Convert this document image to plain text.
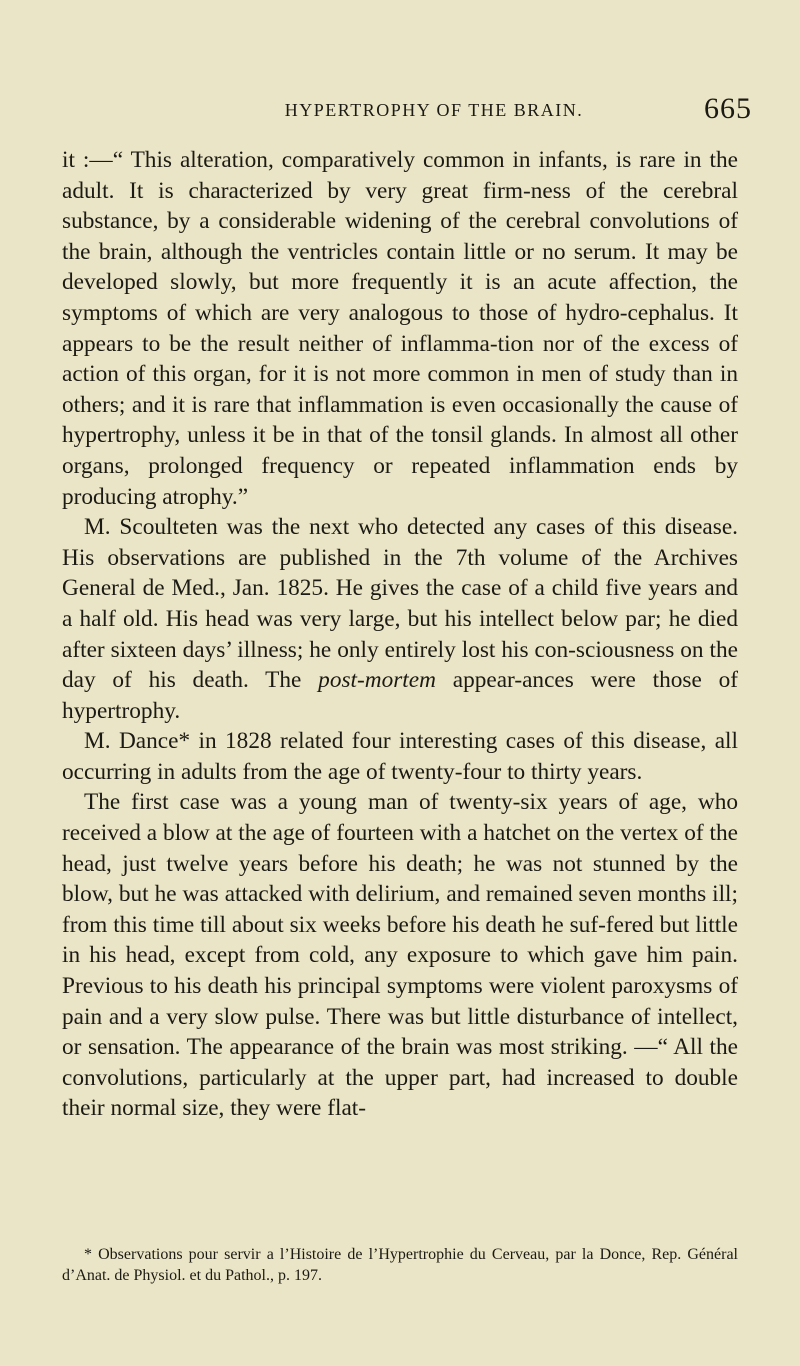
HYPERTROPHY OF THE BRAIN.	665

it :—“ This alteration, comparatively common in infants, is rare in the adult. It is characterized by very great firm-ness of the cerebral substance, by a considerable widening of the cerebral convolutions of the brain, although the ventricles contain little or no serum. It may be developed slowly, but more frequently it is an acute affection, the symptoms of which are very analogous to those of hydro-cephalus. It appears to be the result neither of inflamma-tion nor of the excess of action of this organ, for it is not more common in men of study than in others; and it is rare that inflammation is even occasionally the cause of hypertrophy, unless it be in that of the tonsil glands. In almost all other organs, prolonged frequency or repeated inflammation ends by producing atrophy.”

M. Scoulteten was the next who detected any cases of this disease. His observations are published in the 7th volume of the Archives General de Med., Jan. 1825. He gives the case of a child five years and a half old. His head was very large, but his intellect below par; he died after sixteen days’ illness; he only entirely lost his con-sciousness on the day of his death. The post-mortem appear-ances were those of hypertrophy.

M. Dance* in 1828 related four interesting cases of this disease, all occurring in adults from the age of twenty-four to thirty years.

The first case was a young man of twenty-six years of age, who received a blow at the age of fourteen with a hatchet on the vertex of the head, just twelve years before his death; he was not stunned by the blow, but he was attacked with delirium, and remained seven months ill; from this time till about six weeks before his death he suf-fered but little in his head, except from cold, any exposure to which gave him pain. Previous to his death his principal symptoms were violent paroxysms of pain and a very slow pulse. There was but little disturbance of intellect, or sensation. The appearance of the brain was most striking. —“ All the convolutions, particularly at the upper part, had increased to double their normal size, they were flat-

* Observations pour servir a l’Histoire de l’Hypertrophie du Cerveau, par la Donce, Rep. Général d’Anat. de Physiol. et du Pathol., p. 197.
